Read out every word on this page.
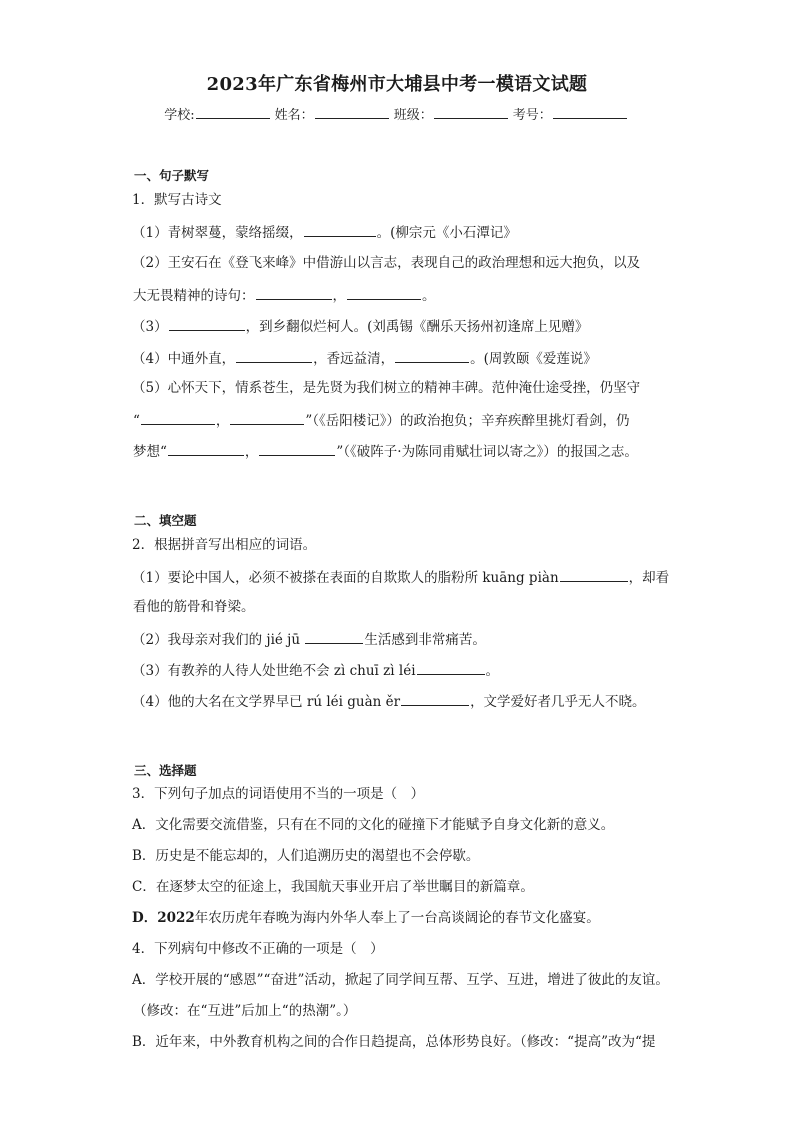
2023年广东省梅州市大埔县中考一模语文试题
学校:	姓名：	班级：	考号：
一、句子默写
1．默写古诗文
（1）青树翠蔓，蒙络摇缀，	。(柳宗元《小石潭记》
（2）王安石在《登飞来峰》中借游山以言志，表现自己的政治理想和远大抱负，以及
大无畏精神的诗句：	，	。
（3）	，到乡翻似烂柯人。(刘禹锡《酬乐天扬州初逢席上见赠》
（4）中通外直，	，香远益清，	。(周敦颐《爱莲说》
（5）心怀天下，情系苍生，是先贤为我们树立的精神丰碑。范仲淹仕途受挫，仍坚守
“	，	”（《岳阳楼记》）的政治抱负；辛弃疾醉里挑灯看剑，仍
梦想“	，	”（《破阵子·为陈同甫赋壮词以寄之》）的报国之志。
二、填空题
2．根据拼音写出相应的词语。
（1）要论中国人，必须不被搽在表面的自欺欺人的脂粉所 kuāng piàn	，却看
看他的筋骨和脊梁。
（2）我母亲对我们的 jié jū	生活感到非常痛苦。
（3）有教养的人待人处世绝不会 zì chuī zì léi	。
（4）他的大名在文学界早已 rú léi guàn ěr	，文学爱好者几乎无人不晓。
三、选择题
3．下列句子加点的词语使用不当的一项是（　）
A．文化需要交流借鉴，只有在不同的文化的碰撞下才能赋予自身文化新的意义。
B．历史是不能忘却的，人们追溯历史的渴望也不会停歇。
C．在逐梦太空的征途上，我国航天事业开启了举世瞩目的新篇章。
D．2022年农历虎年春晚为海内外华人奉上了一台高谈阔论的春节文化盛宴。
4．下列病句中修改不正确的一项是（　）
A．学校开展的“感恩”“奋进”活动，掀起了同学间互帮、互学、互进，增进了彼此的友谊。
（修改：在“互进”后加上“的热潮”。）
B．近年来，中外教育机构之间的合作日趋提高，总体形势良好。（修改：“提高”改为“提
